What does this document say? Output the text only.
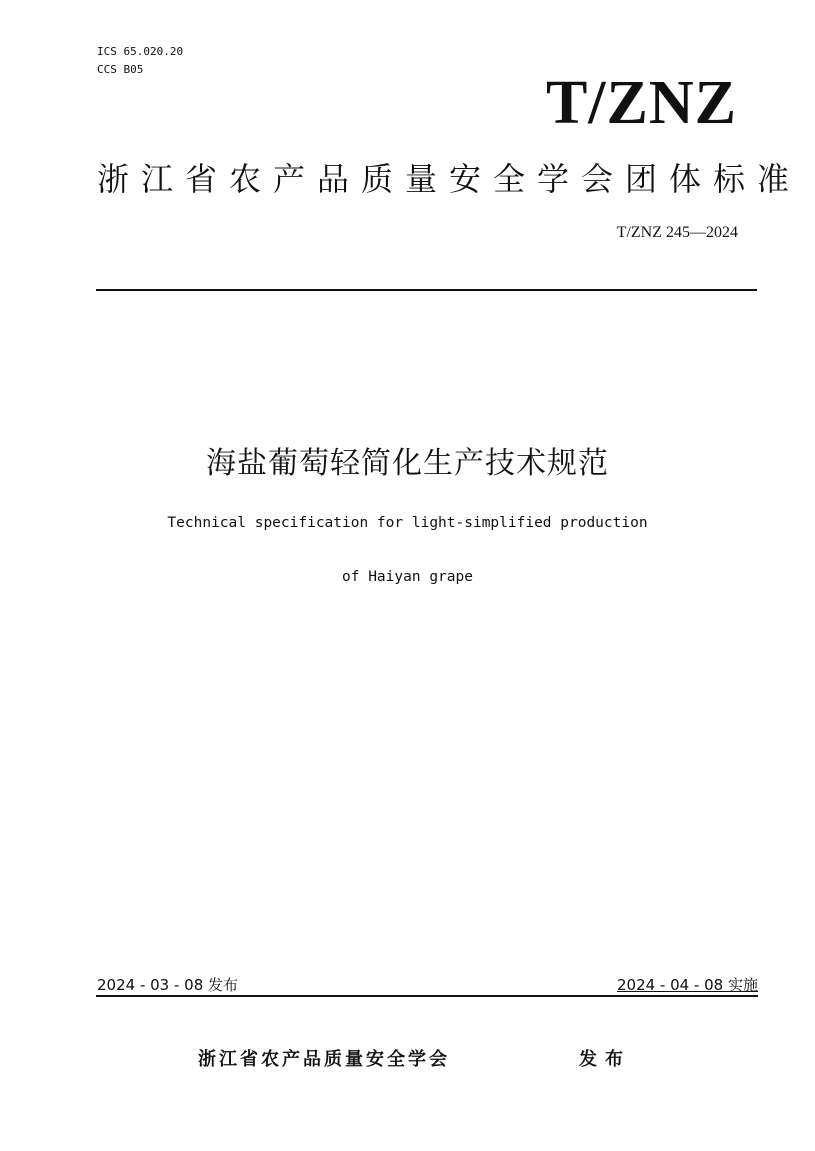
ICS 65.020.20
CCS B05	T/ZNZ
浙江省农产品质量安全学会团体标准
T/ZNZ 245—2024
海盐葡萄轻简化生产技术规范
Technical specification for light-simplified production
of Haiyan grape
2024 - 03 - 08 发布	2024 - 04 - 08 实施
浙江省农产品质量安全学会	发布
